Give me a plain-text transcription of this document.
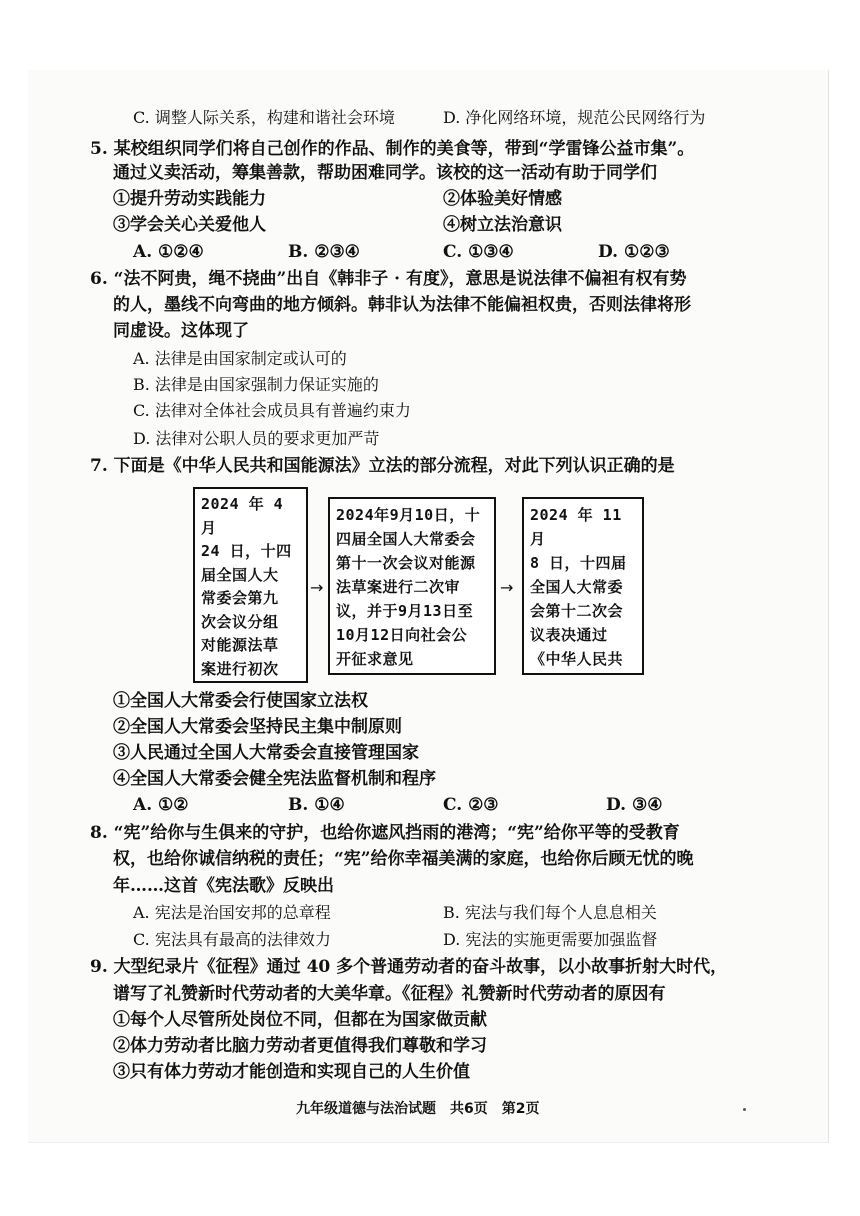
C. 调整人际关系，构建和谐社会环境	D. 净化网络环境，规范公民网络行为
5. 某校组织同学们将自己创作的作品、制作的美食等，带到“学雷锋公益市集”。
通过义卖活动，筹集善款，帮助困难同学。该校的这一活动有助于同学们
①提升劳动实践能力	②体验美好情感
③学会关心关爱他人	④树立法治意识
A. ①②④	B. ②③④	C. ①③④	D. ①②③
6. “法不阿贵，绳不挠曲”出自《韩非子 · 有度》，意思是说法律不偏袒有权有势
的人，墨线不向弯曲的地方倾斜。韩非认为法律不能偏袒权贵，否则法律将形
同虚设。这体现了
A. 法律是由国家制定或认可的
B. 法律是由国家强制力保证实施的
C. 法律对全体社会成员具有普遍约束力
D. 法律对公职人员的要求更加严苛
7. 下面是《中华人民共和国能源法》立法的部分流程，对此下列认识正确的是
2024 年 4 月
24 日，十四
届全国人大
常委会第九
次会议分组
对能源法草
案进行初次
→
2024年9月10日，十
四届全国人大常委会
第十一次会议对能源
法草案进行二次审
议，并于9月13日至
10月12日向社会公
开征求意见
→
2024 年 11 月
8 日，十四届
全国人大常委
会第十二次会
议表决通过
《中华人民共
①全国人大常委会行使国家立法权
②全国人大常委会坚持民主集中制原则
③人民通过全国人大常委会直接管理国家
④全国人大常委会健全宪法监督机制和程序
A. ①②	B. ①④	C. ②③	D. ③④
8. “宪”给你与生俱来的守护，也给你遮风挡雨的港湾；“宪”给你平等的受教育
权，也给你诚信纳税的责任；“宪”给你幸福美满的家庭，也给你后顾无忧的晚
年……这首《宪法歌》反映出
A. 宪法是治国安邦的总章程	B. 宪法与我们每个人息息相关
C. 宪法具有最高的法律效力	D. 宪法的实施更需要加强监督
9. 大型纪录片《征程》通过 40 多个普通劳动者的奋斗故事，以小故事折射大时代，
谱写了礼赞新时代劳动者的大美华章。《征程》礼赞新时代劳动者的原因有
①每个人尽管所处岗位不同，但都在为国家做贡献
②体力劳动者比脑力劳动者更值得我们尊敬和学习
③只有体力劳动才能创造和实现自己的人生价值
九年级道德与法治试题　共6页　第2页
